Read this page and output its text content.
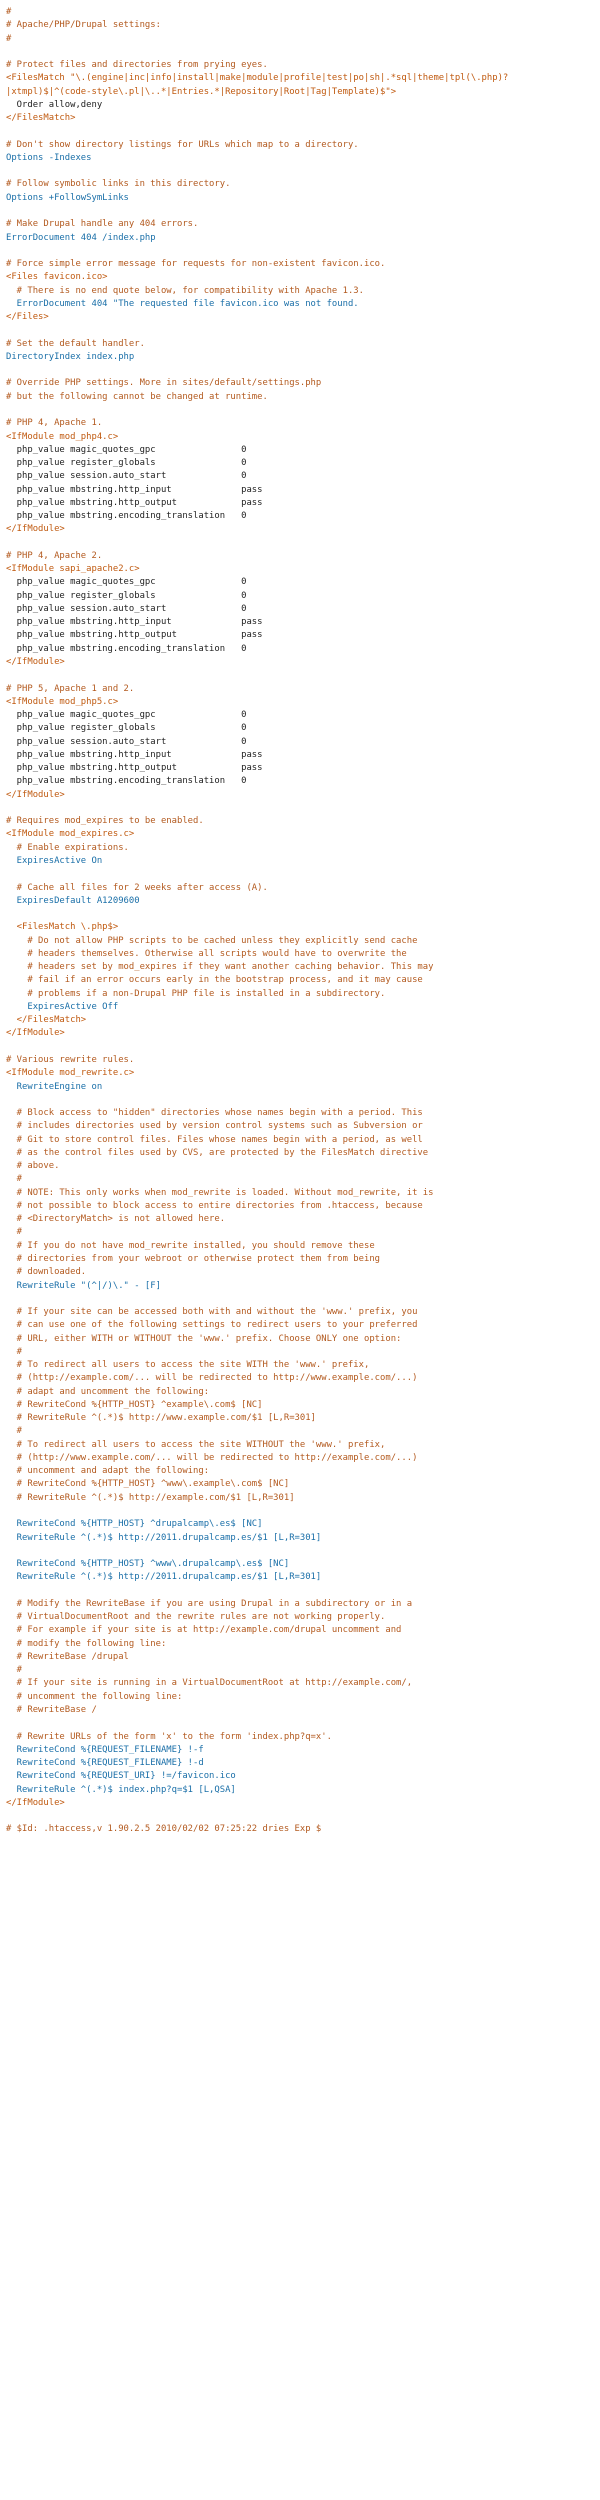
#
# Apache/PHP/Drupal settings:
#

# Protect files and directories from prying eyes.
<FilesMatch "\.(engine|inc|info|install|make|module|profile|test|po|sh|.*sql|theme|tpl(\.php)?
|xtmpl)$|^(code-style\.pl|\..*|Entries.*|Repository|Root|Tag|Template)$">
Order allow,deny
</FilesMatch>

# Don't show directory listings for URLs which map to a directory.
Options -Indexes

# Follow symbolic links in this directory.
Options +FollowSymLinks

# Make Drupal handle any 404 errors.
ErrorDocument 404 /index.php

# Force simple error message for requests for non-existent favicon.ico.
<Files favicon.ico>
# There is no end quote below, for compatibility with Apache 1.3.
ErrorDocument 404 "The requested file favicon.ico was not found.
</Files>

# Set the default handler.
DirectoryIndex index.php

# Override PHP settings. More in sites/default/settings.php
# but the following cannot be changed at runtime.

# PHP 4, Apache 1.
<IfModule mod_php4.c>
php_value magic_quotes_gpc                0
php_value register_globals                0
php_value session.auto_start              0
php_value mbstring.http_input             pass
php_value mbstring.http_output            pass
php_value mbstring.encoding_translation   0
</IfModule>

# PHP 4, Apache 2.
<IfModule sapi_apache2.c>
php_value magic_quotes_gpc                0
php_value register_globals                0
php_value session.auto_start              0
php_value mbstring.http_input             pass
php_value mbstring.http_output            pass
php_value mbstring.encoding_translation   0
</IfModule>

# PHP 5, Apache 1 and 2.
<IfModule mod_php5.c>
php_value magic_quotes_gpc                0
php_value register_globals                0
php_value session.auto_start              0
php_value mbstring.http_input             pass
php_value mbstring.http_output            pass
php_value mbstring.encoding_translation   0
</IfModule>

# Requires mod_expires to be enabled.
<IfModule mod_expires.c>
# Enable expirations.
ExpiresActive On

# Cache all files for 2 weeks after access (A).
ExpiresDefault A1209600

<FilesMatch \.php$>
# Do not allow PHP scripts to be cached unless they explicitly send cache
# headers themselves. Otherwise all scripts would have to overwrite the
# headers set by mod_expires if they want another caching behavior. This may
# fail if an error occurs early in the bootstrap process, and it may cause
# problems if a non-Drupal PHP file is installed in a subdirectory.
ExpiresActive Off
</FilesMatch>
</IfModule>

# Various rewrite rules.
<IfModule mod_rewrite.c>
RewriteEngine on

# Block access to "hidden" directories whose names begin with a period. This
# includes directories used by version control systems such as Subversion or
# Git to store control files. Files whose names begin with a period, as well
# as the control files used by CVS, are protected by the FilesMatch directive
# above.
#
# NOTE: This only works when mod_rewrite is loaded. Without mod_rewrite, it is
# not possible to block access to entire directories from .htaccess, because
# <DirectoryMatch> is not allowed here.
#
# If you do not have mod_rewrite installed, you should remove these
# directories from your webroot or otherwise protect them from being
# downloaded.
RewriteRule "(^|/)\." - [F]

# If your site can be accessed both with and without the 'www.' prefix, you
# can use one of the following settings to redirect users to your preferred
# URL, either WITH or WITHOUT the 'www.' prefix. Choose ONLY one option:
#
# To redirect all users to access the site WITH the 'www.' prefix,
# (http://example.com/... will be redirected to http://www.example.com/...)
# adapt and uncomment the following:
# RewriteCond %{HTTP_HOST} ^example\.com$ [NC]
# RewriteRule ^(.*)$ http://www.example.com/$1 [L,R=301]
#
# To redirect all users to access the site WITHOUT the 'www.' prefix,
# (http://www.example.com/... will be redirected to http://example.com/...)
# uncomment and adapt the following:
# RewriteCond %{HTTP_HOST} ^www\.example\.com$ [NC]
# RewriteRule ^(.*)$ http://example.com/$1 [L,R=301]

RewriteCond %{HTTP_HOST} ^drupalcamp\.es$ [NC]
RewriteRule ^(.*)$ http://2011.drupalcamp.es/$1 [L,R=301]

RewriteCond %{HTTP_HOST} ^www\.drupalcamp\.es$ [NC]
RewriteRule ^(.*)$ http://2011.drupalcamp.es/$1 [L,R=301]

# Modify the RewriteBase if you are using Drupal in a subdirectory or in a
# VirtualDocumentRoot and the rewrite rules are not working properly.
# For example if your site is at http://example.com/drupal uncomment and
# modify the following line:
# RewriteBase /drupal
#
# If your site is running in a VirtualDocumentRoot at http://example.com/,
# uncomment the following line:
# RewriteBase /

# Rewrite URLs of the form 'x' to the form 'index.php?q=x'.
RewriteCond %{REQUEST_FILENAME} !-f
RewriteCond %{REQUEST_FILENAME} !-d
RewriteCond %{REQUEST_URI} !=/favicon.ico
RewriteRule ^(.*)$ index.php?q=$1 [L,QSA]
</IfModule>

# $Id: .htaccess,v 1.90.2.5 2010/02/02 07:25:22 dries Exp $
